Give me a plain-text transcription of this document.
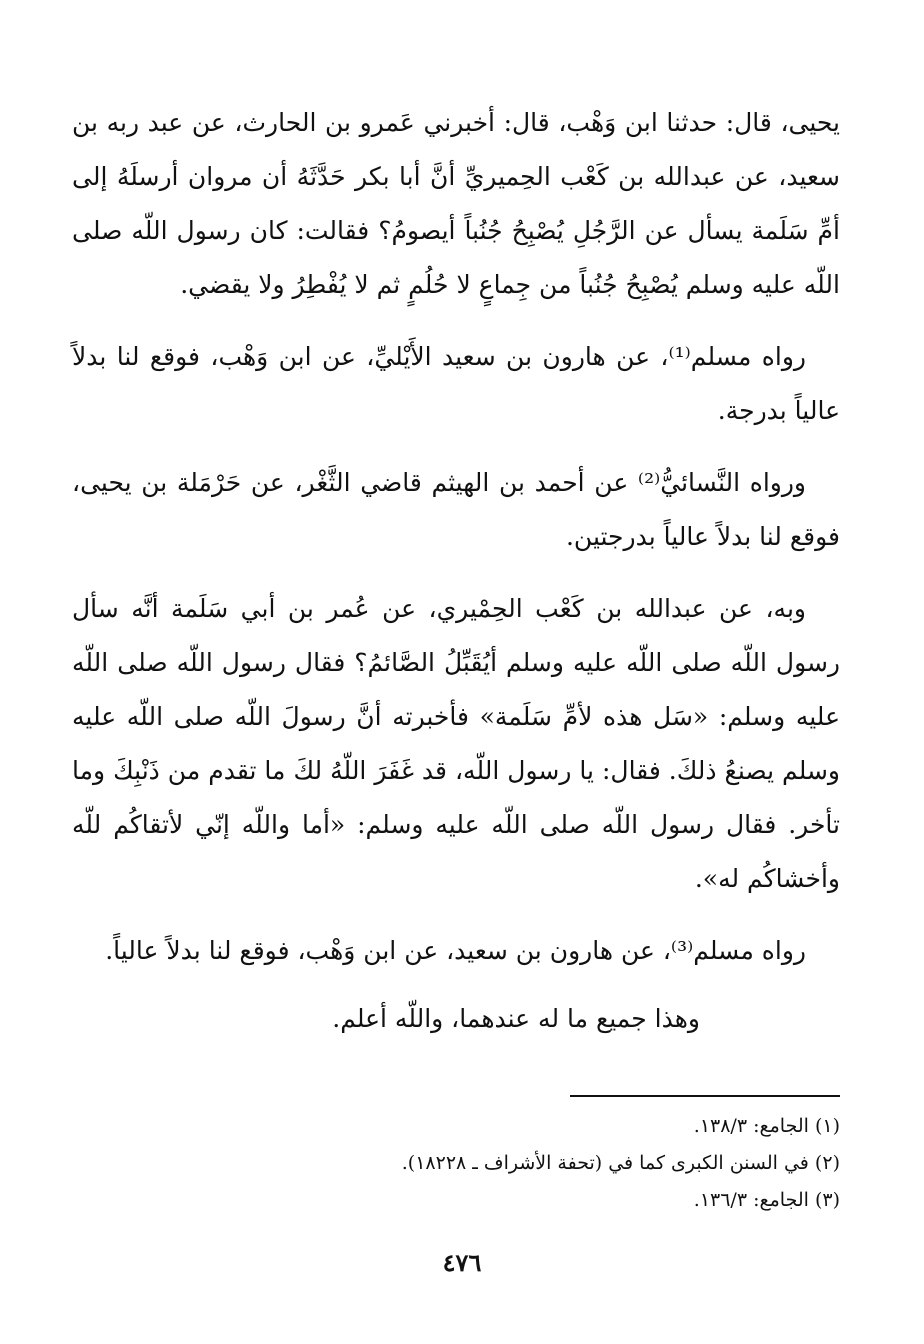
يحيى، قال: حدثنا ابن وَهْب، قال: أخبرني عَمرو بن الحارث، عن عبد ربه بن سعيد، عن عبدالله بن كَعْب الحِميريِّ أنَّ أبا بكر حَدَّثَهُ أن مروان أرسلَهُ إلى أمِّ سَلَمة يسأل عن الرَّجُلِ يُصْبِحُ جُنُباً أيصومُ؟ فقالت: كان رسول اللّه صلى اللّه عليه وسلم يُصْبِحُ جُنُباً من جِماعٍ لا حُلُمٍ ثم لا يُفْطِرُ ولا يقضي.

رواه مسلم⁽¹⁾، عن هارون بن سعيد الأَيْليِّ، عن ابن وَهْب، فوقع لنا بدلاً عالياً بدرجة.

ورواه النَّسائيُّ⁽²⁾ عن أحمد بن الهيثم قاضي الثَّغْر، عن حَرْمَلة بن يحيى، فوقع لنا بدلاً عالياً بدرجتين.

وبه، عن عبدالله بن كَعْب الحِمْيري، عن عُمر بن أبي سَلَمة أنَّه سأل رسول اللّه صلى اللّه عليه وسلم أيُقَبِّلُ الصَّائمُ؟ فقال رسول اللّه صلى اللّه عليه وسلم: «سَل هذه لأمِّ سَلَمة» فأخبرته أنَّ رسولَ اللّه صلى اللّه عليه وسلم يصنعُ ذلكَ. فقال: يا رسول اللّه، قد غَفَرَ اللّهُ لكَ ما تقدم من ذَنْبِكَ وما تأخر. فقال رسول اللّه صلى اللّه عليه وسلم: «أما واللّه إنّي لأتقاكُم للّه وأخشاكُم له».

رواه مسلم⁽³⁾، عن هارون بن سعيد، عن ابن وَهْب، فوقع لنا بدلاً عالياً.

وهذا جميع ما له عندهما، واللّه أعلم.

(١) الجامع: ١٣٨/٣.

(٢) في السنن الكبرى كما في (تحفة الأشراف ـ ١٨٢٢٨).

(٣) الجامع: ١٣٦/٣.

٤٧٦
